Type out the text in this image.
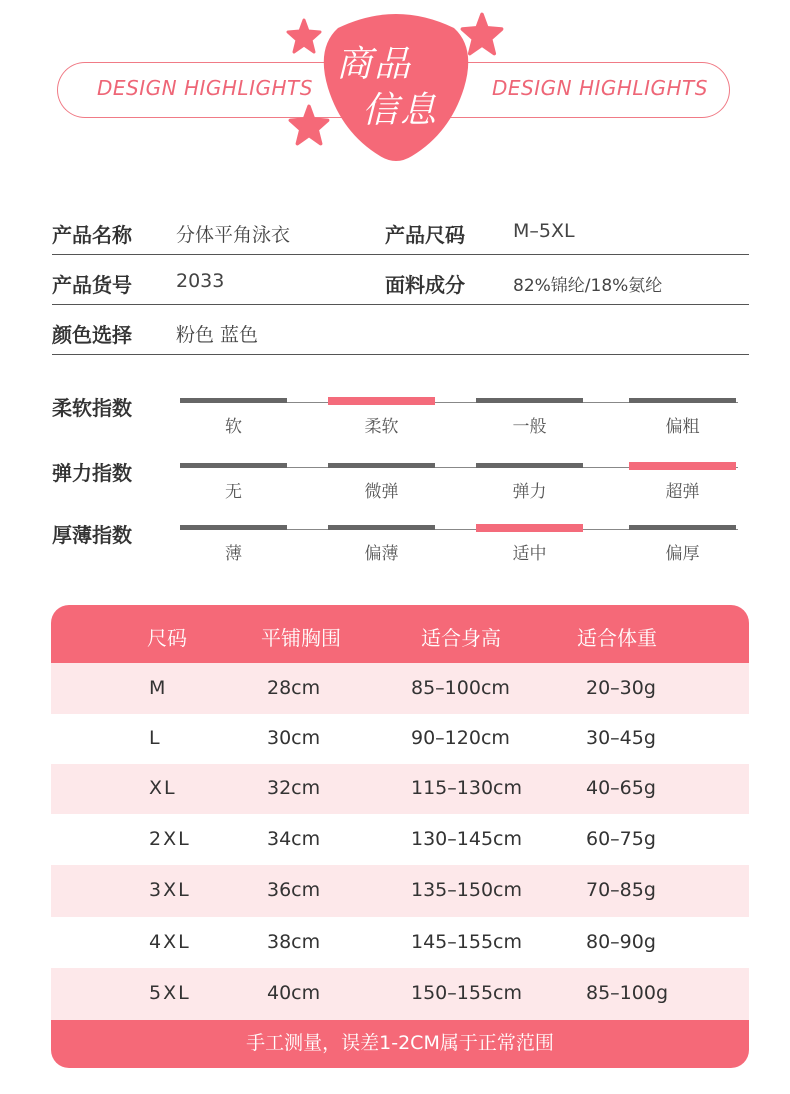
DESIGN HIGHLIGHTS	DESIGN HIGHLIGHTS
商品
信息
产品名称 分体平角泳衣	产品尺码	M–5XL
产品货号 2033	面料成分	82%锦纶/18%氨纶
颜色选择 粉色 蓝色
柔软指数
软	柔软	一般	偏粗
弹力指数
无	微弹	弹力	超弹
厚薄指数
薄	偏薄	适中	偏厚
尺码	平铺胸围	适合身高	适合体重
M	28cm	85–100cm	20–30g
L	30cm	90–120cm	30–45g
XL	32cm	115–130cm	40–65g
2XL	34cm	130–145cm	60–75g
3XL	36cm	135–150cm	70–85g
4XL	38cm	145–155cm	80–90g
5XL	40cm	150–155cm	85–100g
手工测量，误差1-2CM属于正常范围
